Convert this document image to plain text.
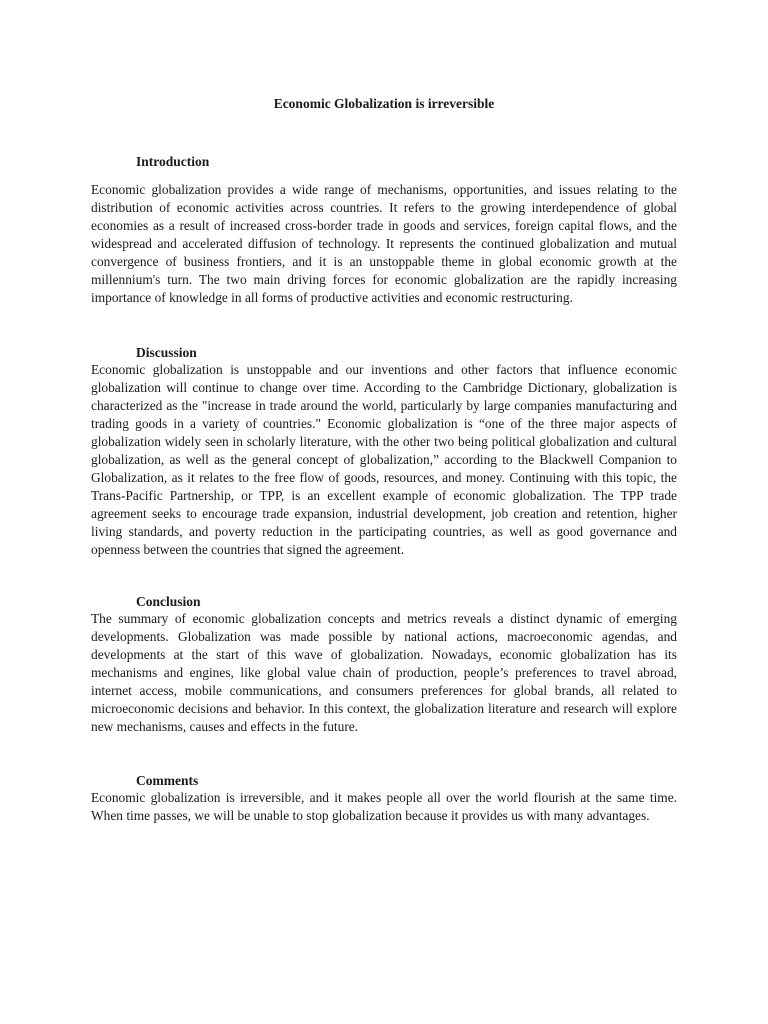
Economic Globalization is irreversible
Introduction

Economic globalization provides a wide range of mechanisms, opportunities, and issues relating to the distribution of economic activities across countries. It refers to the growing interdependence of global economies as a result of increased cross-border trade in goods and services, foreign capital flows, and the widespread and accelerated diffusion of technology. It represents the continued globalization and mutual convergence of business frontiers, and it is an unstoppable theme in global economic growth at the millennium's turn. The two main driving forces for economic globalization are the rapidly increasing importance of knowledge in all forms of productive activities and economic restructuring.

Discussion

Economic globalization is unstoppable and our inventions and other factors that influence economic globalization will continue to change over time. According to the Cambridge Dictionary, globalization is characterized as the "increase in trade around the world, particularly by large companies manufacturing and trading goods in a variety of countries." Economic globalization is “one of the three major aspects of globalization widely seen in scholarly literature, with the other two being political globalization and cultural globalization, as well as the general concept of globalization,” according to the Blackwell Companion to Globalization, as it relates to the free flow of goods, resources, and money. Continuing with this topic, the Trans-Pacific Partnership, or TPP, is an excellent example of economic globalization. The TPP trade agreement seeks to encourage trade expansion, industrial development, job creation and retention, higher living standards, and poverty reduction in the participating countries, as well as good governance and openness between the countries that signed the agreement.

Conclusion

The summary of economic globalization concepts and metrics reveals a distinct dynamic of emerging developments. Globalization was made possible by national actions, macroeconomic agendas, and developments at the start of this wave of globalization. Nowadays, economic globalization has its mechanisms and engines, like global value chain of production, people’s preferences to travel abroad, internet access, mobile communications, and consumers preferences for global brands, all related to microeconomic decisions and behavior. In this context, the globalization literature and research will explore new mechanisms, causes and effects in the future.

Comments

Economic globalization is irreversible, and it makes people all over the world flourish at the same time. When time passes, we will be unable to stop globalization because it provides us with many advantages.
